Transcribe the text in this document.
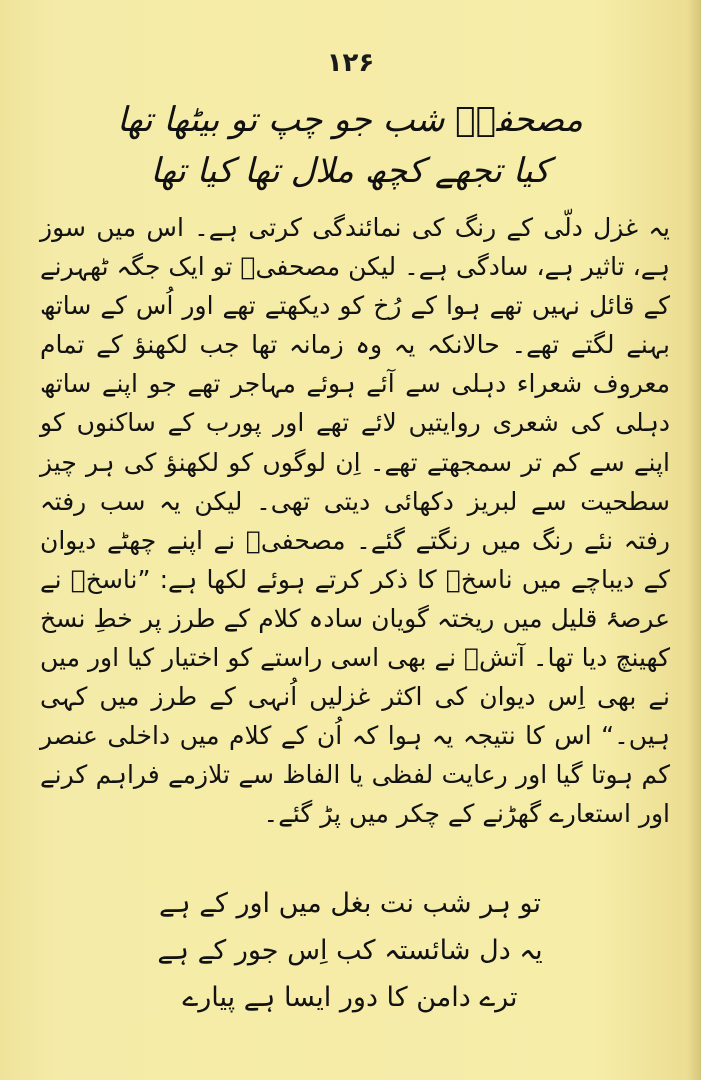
۱۲۶
مصحفیؔ شب جو چپ تو بیٹھا تھا
کیا تجھے کچھ ملال تھا کیا تھا

یہ غزل دلّی کے رنگ کی نمائندگی کرتی ہے۔ اس میں سوز ہے، تاثیر ہے، سادگی ہے۔ لیکن مصحفیؔ تو ایک جگہ ٹھہرنے کے قائل نہیں تھے ہوا کے رُخ کو دیکھتے تھے اور اُس کے ساتھ بہنے لگتے تھے۔ حالانکہ یہ وہ زمانہ تھا جب لکھنؤ کے تمام معروف شعراء دہلی سے آئے ہوئے مہاجر تھے جو اپنے ساتھ دہلی کی شعری روایتیں لائے تھے اور پورب کے ساکنوں کو اپنے سے کم تر سمجھتے تھے۔ اِن لوگوں کو لکھنؤ کی ہر چیز سطحیت سے لبریز دکھائی دیتی تھی۔ لیکن یہ سب رفتہ رفتہ نئے رنگ میں رنگتے گئے۔ مصحفیؔ نے اپنے چھٹے دیوان کے دیباچے میں ناسخؔ کا ذکر کرتے ہوئے لکھا ہے: ”ناسخؔ نے عرصۂ قلیل میں ریختہ گویان سادہ کلام کے طرز پر خطِ نسخ کھینچ دیا تھا۔ آتشؔ نے بھی اسی راستے کو اختیار کیا اور میں نے بھی اِس دیوان کی اکثر غزلیں اُنہی کے طرز میں کہی ہیں۔“ اس کا نتیجہ یہ ہوا کہ اُن کے کلام میں داخلی عنصر کم ہوتا گیا اور رعایت لفظی یا الفاظ سے تلازمے فراہم کرنے اور استعارے گھڑنے کے چکر میں پڑ گئے۔

تو ہر شب نت بغل میں اور کے ہے
یہ دل شائستہ کب اِس جور کے ہے
ترے دامن کا دور ایسا ہے پیارے
